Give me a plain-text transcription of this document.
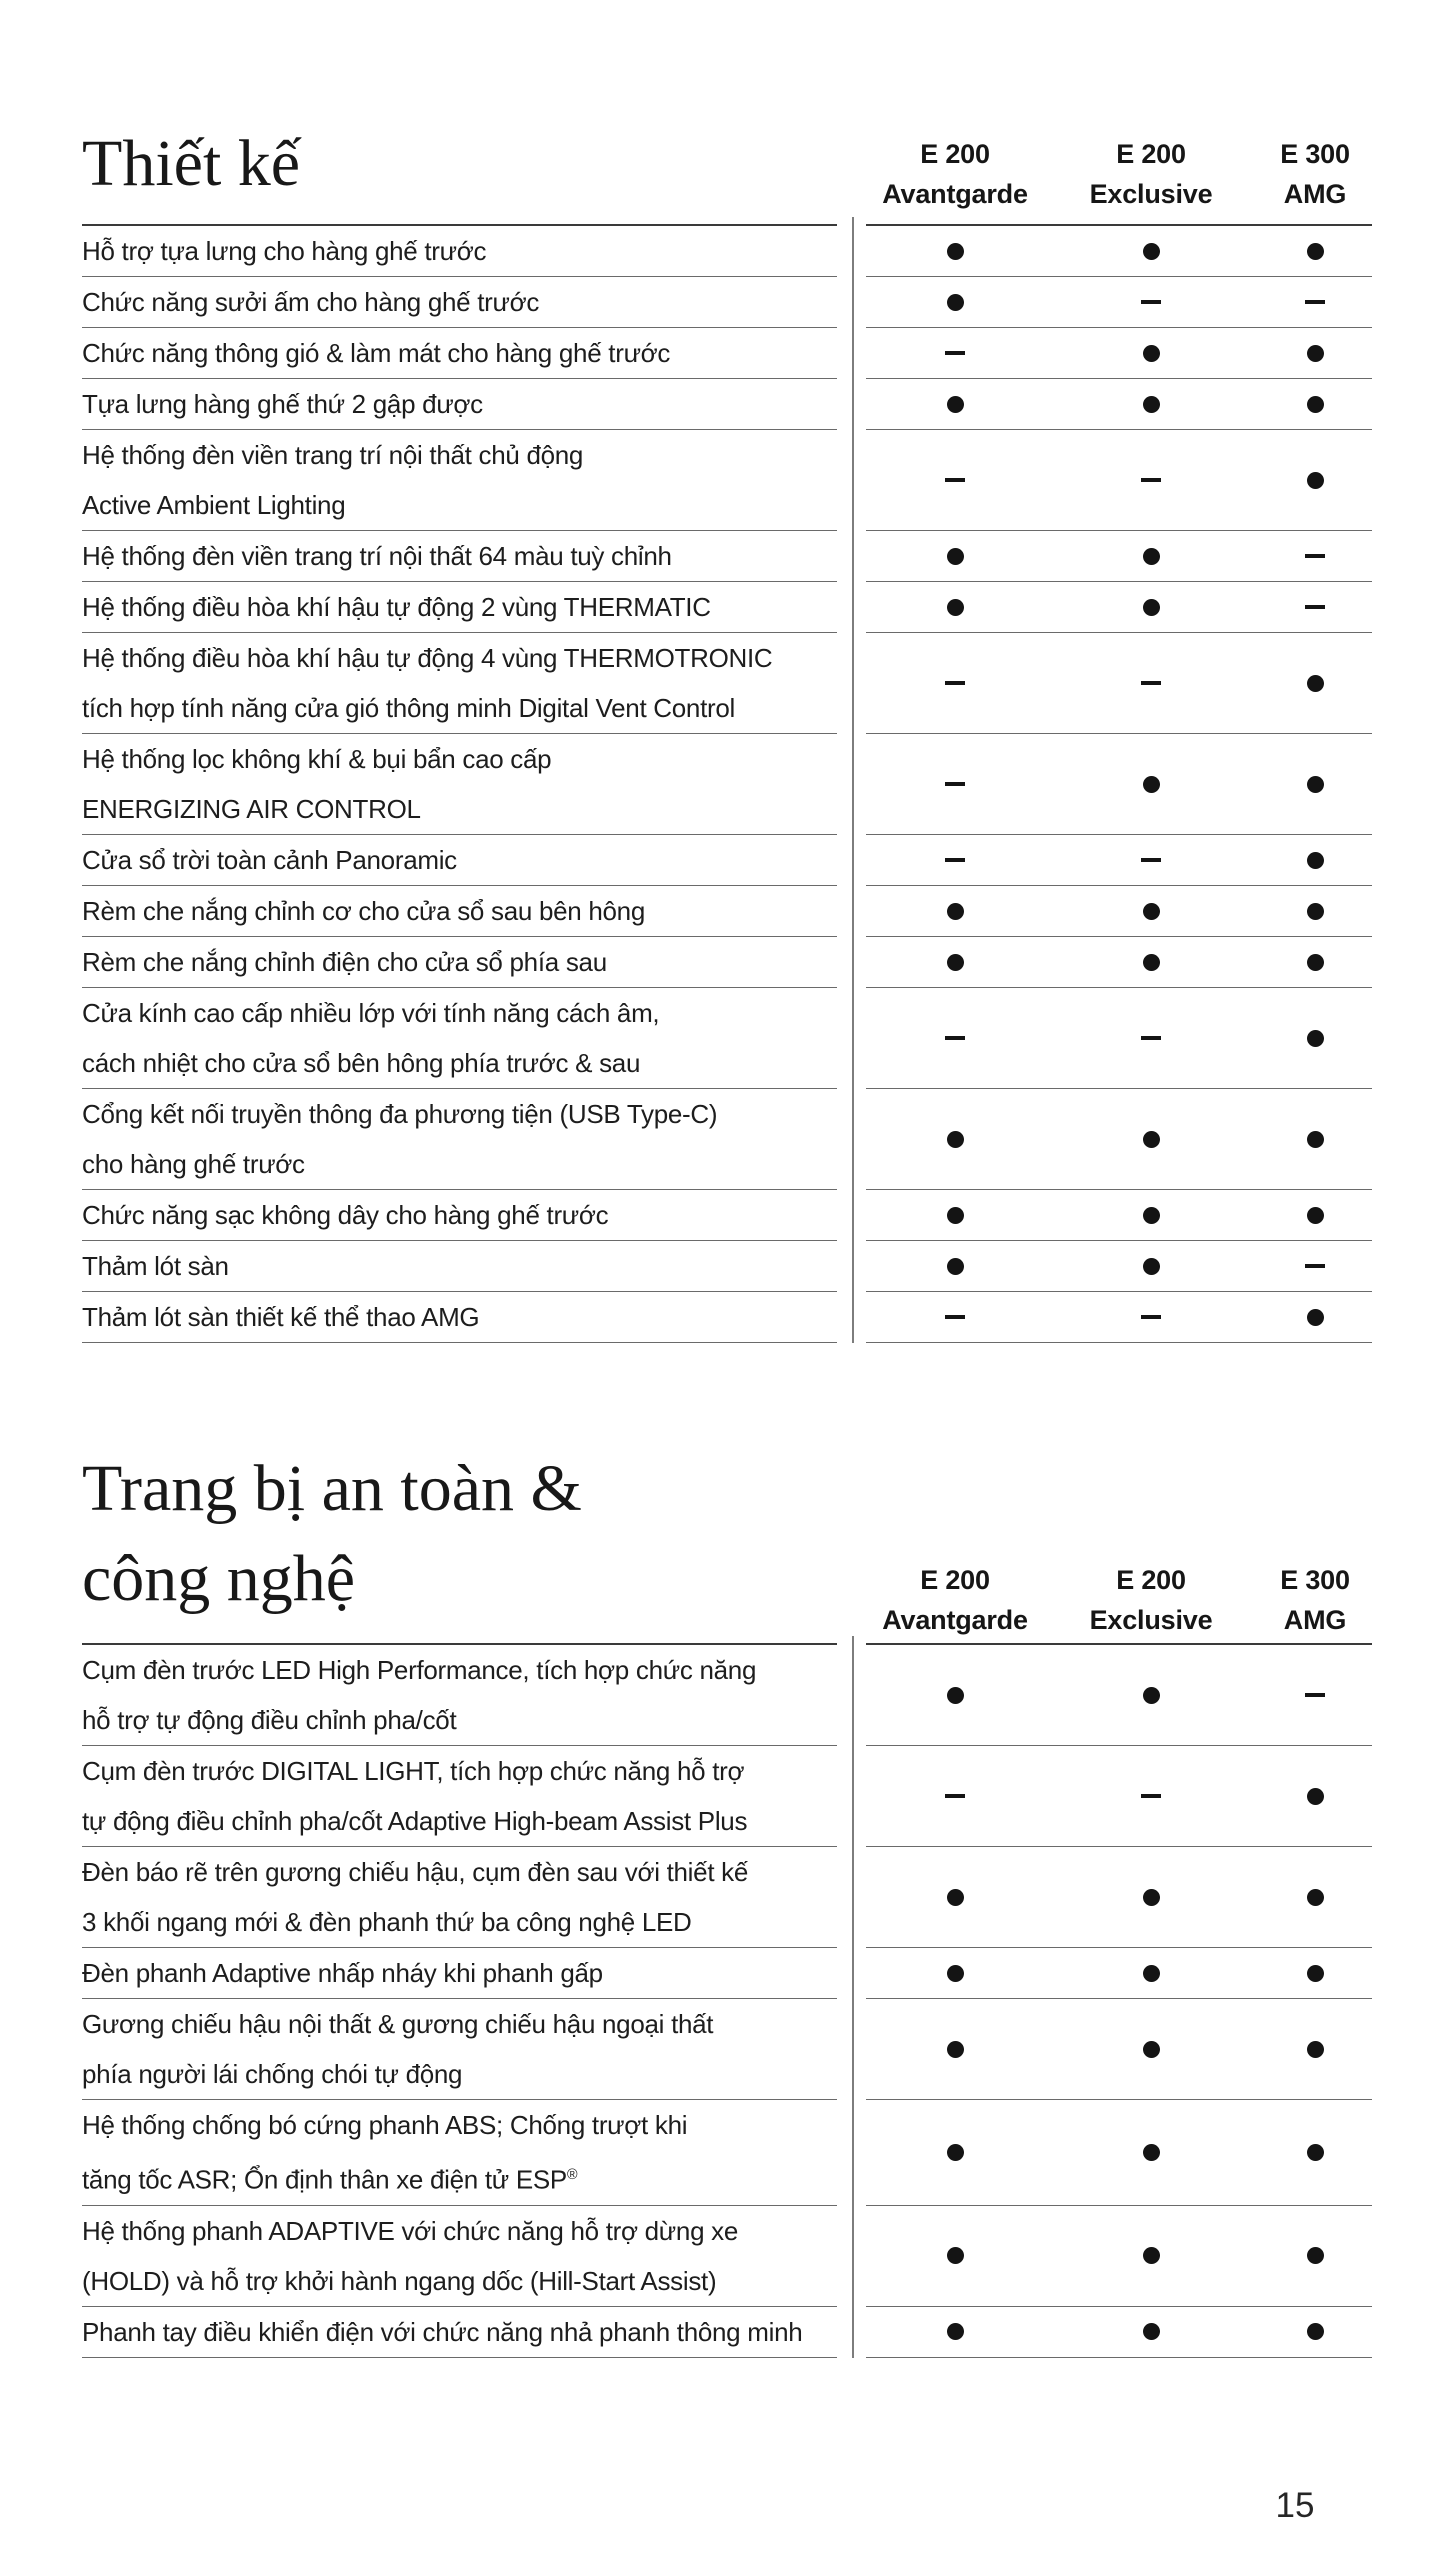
Thiết kế	E 200
Avantgarde
E 200
Exclusive
E 300
AMG
Hỗ trợ tựa lưng cho hàng ghế trước
Chức năng sưởi ấm cho hàng ghế trước
Chức năng thông gió & làm mát cho hàng ghế trước
Tựa lưng hàng ghế thứ 2 gập được
Hệ thống đèn viền trang trí nội thất chủ động
Active Ambient Lighting
Hệ thống đèn viền trang trí nội thất 64 màu tuỳ chỉnh
Hệ thống điều hòa khí hậu tự động 2 vùng THERMATIC
Hệ thống điều hòa khí hậu tự động 4 vùng THERMOTRONIC
tích hợp tính năng cửa gió thông minh Digital Vent Control
Hệ thống lọc không khí & bụi bẩn cao cấp
ENERGIZING AIR CONTROL
Cửa sổ trời toàn cảnh Panoramic
Rèm che nắng chỉnh cơ cho cửa sổ sau bên hông
Rèm che nắng chỉnh điện cho cửa sổ phía sau
Cửa kính cao cấp nhiều lớp với tính năng cách âm,
cách nhiệt cho cửa sổ bên hông phía trước & sau
Cổng kết nối truyền thông đa phương tiện (USB Type-C)
cho hàng ghế trước
Chức năng sạc không dây cho hàng ghế trước
Thảm lót sàn
Thảm lót sàn thiết kế thể thao AMG
Trang bị an toàn &
công nghệ	E 200
Avantgarde
E 200
Exclusive
E 300
AMG
Cụm đèn trước LED High Performance, tích hợp chức năng
hỗ trợ tự động điều chỉnh pha/cốt
Cụm đèn trước DIGITAL LIGHT, tích hợp chức năng hỗ trợ
tự động điều chỉnh pha/cốt Adaptive High-beam Assist Plus
Đèn báo rẽ trên gương chiếu hậu, cụm đèn sau với thiết kế
3 khối ngang mới & đèn phanh thứ ba công nghệ LED
Đèn phanh Adaptive nhấp nháy khi phanh gấp
Gương chiếu hậu nội thất & gương chiếu hậu ngoại thất
phía người lái chống chói tự động
Hệ thống chống bó cứng phanh ABS; Chống trượt khi
tăng tốc ASR; Ổn định thân xe điện tử ESP®
Hệ thống phanh ADAPTIVE với chức năng hỗ trợ dừng xe
(HOLD) và hỗ trợ khởi hành ngang dốc (Hill-Start Assist)
Phanh tay điều khiển điện với chức năng nhả phanh thông minh
15
